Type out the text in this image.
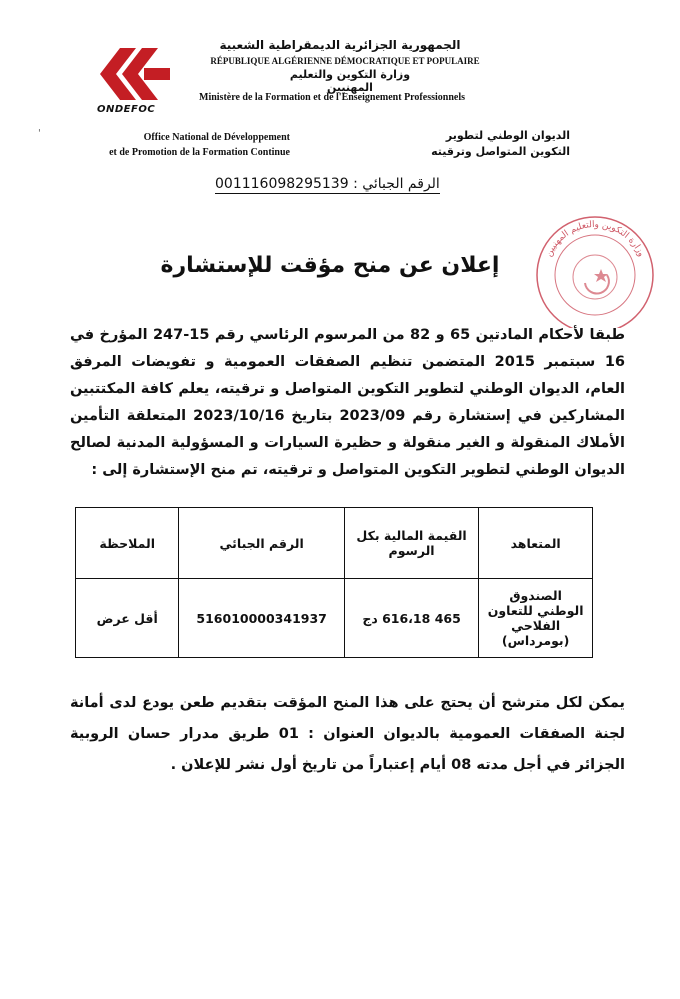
ONDEFOC
الجمهورية الجزائرية الديمقراطية الشعبية
RÉPUBLIQUE ALGÉRIENNE DÉMOCRATIQUE ET POPULAIRE
وزارة التكوين والتعليم المهنيين
Ministère de la Formation et de l'Enseignement Professionnels
'	Office National de Développement
et de Promotion de la Formation Continue
الديوان الوطني لتطوير
التكوين المتواصل وترقيته
الرقم الجبائي : 001116098295139
وزارة التكوين والتعليم المهنيين
إعلان عن منح مؤقت للإستشارة
طبقا لأحكام المادتين 65 و 82 من المرسوم الرئاسي رقم 15-247 المؤرخ في 16 سبتمبر 2015 المتضمن تنظيم الصفقات العمومية و تفويضات المرفق العام، الديوان الوطني لتطوير التكوين المتواصل و ترقيته، يعلم كافة المكتتبين المشاركين في إستشارة رقم 2023/09 بتاريخ 2023/10/16 المتعلقة التأمين الأملاك المنقولة و الغير منقولة و حظيرة السيارات و المسؤولية المدنية لصالح الديوان الوطني لتطوير التكوين المتواصل و ترقيته، تم منح الإستشارة إلى :
المتعاهد	القيمة المالية بكل الرسوم	الرقم الجبائي	الملاحظة
الصندوق الوطني للتعاون الفلاحي (بومرداس)	465 616،18 دج	516010000341937	أقل عرض
يمكن لكل مترشح أن يحتج على هذا المنح المؤقت بتقديم طعن يودع لدى أمانة لجنة الصفقات العمومية بالديوان العنوان : 01 طريق مدرار حسان الروبية الجزائر في أجل مدته 08 أيام إعتباراً من تاريخ أول نشر للإعلان .
